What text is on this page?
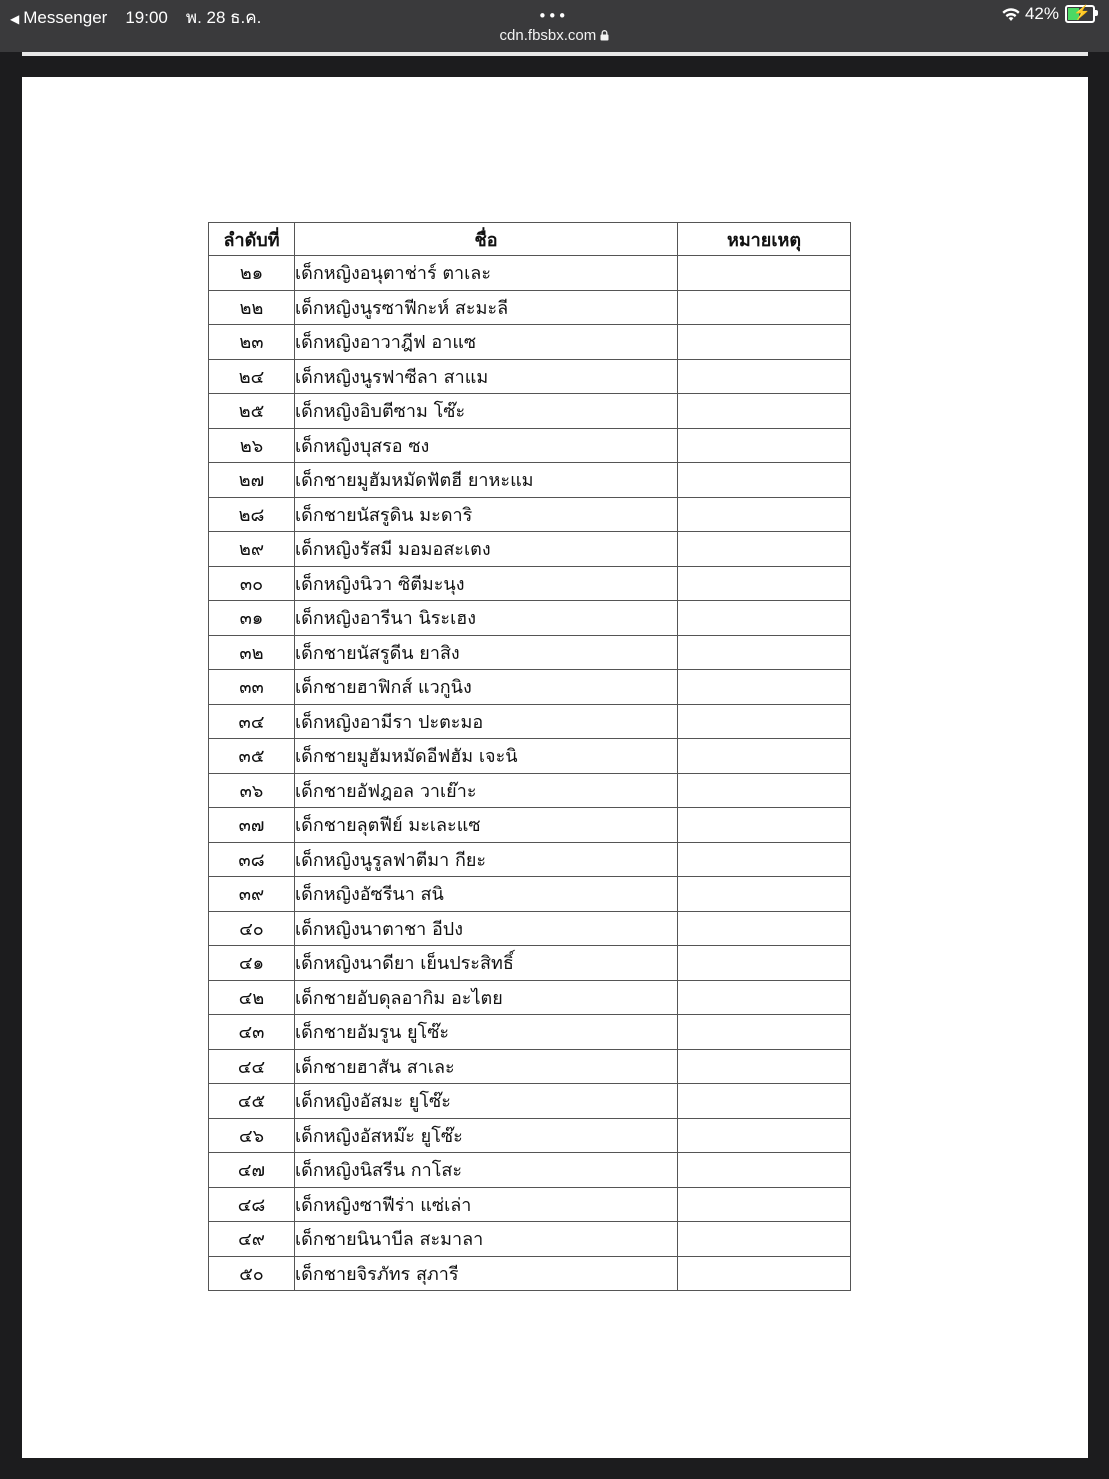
◀ Messenger 19:00 พ. 28 ธ.ค.	•••
cdn.fbsbx.com
42% ⚡
ลำดับที่	ชื่อ	หมายเหตุ
๒๑	เด็กหญิงอนุตาช่าร์ ตาเละ	
๒๒	เด็กหญิงนูรซาฟีกะห์ สะมะลี	
๒๓	เด็กหญิงอาวาฎีฟ อาแซ	
๒๔	เด็กหญิงนูรฟาซีลา สาแม	
๒๕	เด็กหญิงอิบตีซาม โซ๊ะ	
๒๖	เด็กหญิงบุสรอ ซง	
๒๗	เด็กชายมูฮัมหมัดฟัตฮี ยาหะแม	
๒๘	เด็กชายนัสรูดิน มะดาริ	
๒๙	เด็กหญิงรัสมี มอมอสะเตง	
๓๐	เด็กหญิงนิวา ซิตีมะนุง	
๓๑	เด็กหญิงอารีนา นิระเฮง	
๓๒	เด็กชายนัสรูดีน ยาสิง	
๓๓	เด็กชายฮาฟิกส์ แวกูนิง	
๓๔	เด็กหญิงอามีรา ปะตะมอ	
๓๕	เด็กชายมูฮัมหมัดอีฟฮัม เจะนิ	
๓๖	เด็กชายอัฟฎอล วาเย๊าะ	
๓๗	เด็กชายลุตฟีย์ มะเละแซ	
๓๘	เด็กหญิงนูรูลฟาตีมา กียะ	
๓๙	เด็กหญิงอัซรีนา สนิ	
๔๐	เด็กหญิงนาตาชา อีปง	
๔๑	เด็กหญิงนาดียา เย็นประสิทธิ์	
๔๒	เด็กชายอับดุลอากิม อะไตย	
๔๓	เด็กชายอัมรูน ยูโซ๊ะ	
๔๔	เด็กชายฮาสัน สาเละ	
๔๕	เด็กหญิงอัสมะ ยูโซ๊ะ	
๔๖	เด็กหญิงอัสหม๊ะ ยูโซ๊ะ	
๔๗	เด็กหญิงนิสรีน กาโสะ	
๔๘	เด็กหญิงซาฟีร่า แซ่เล่า	
๔๙	เด็กชายนินาบีล สะมาลา	
๕๐	เด็กชายจิรภัทร สุภารี	
